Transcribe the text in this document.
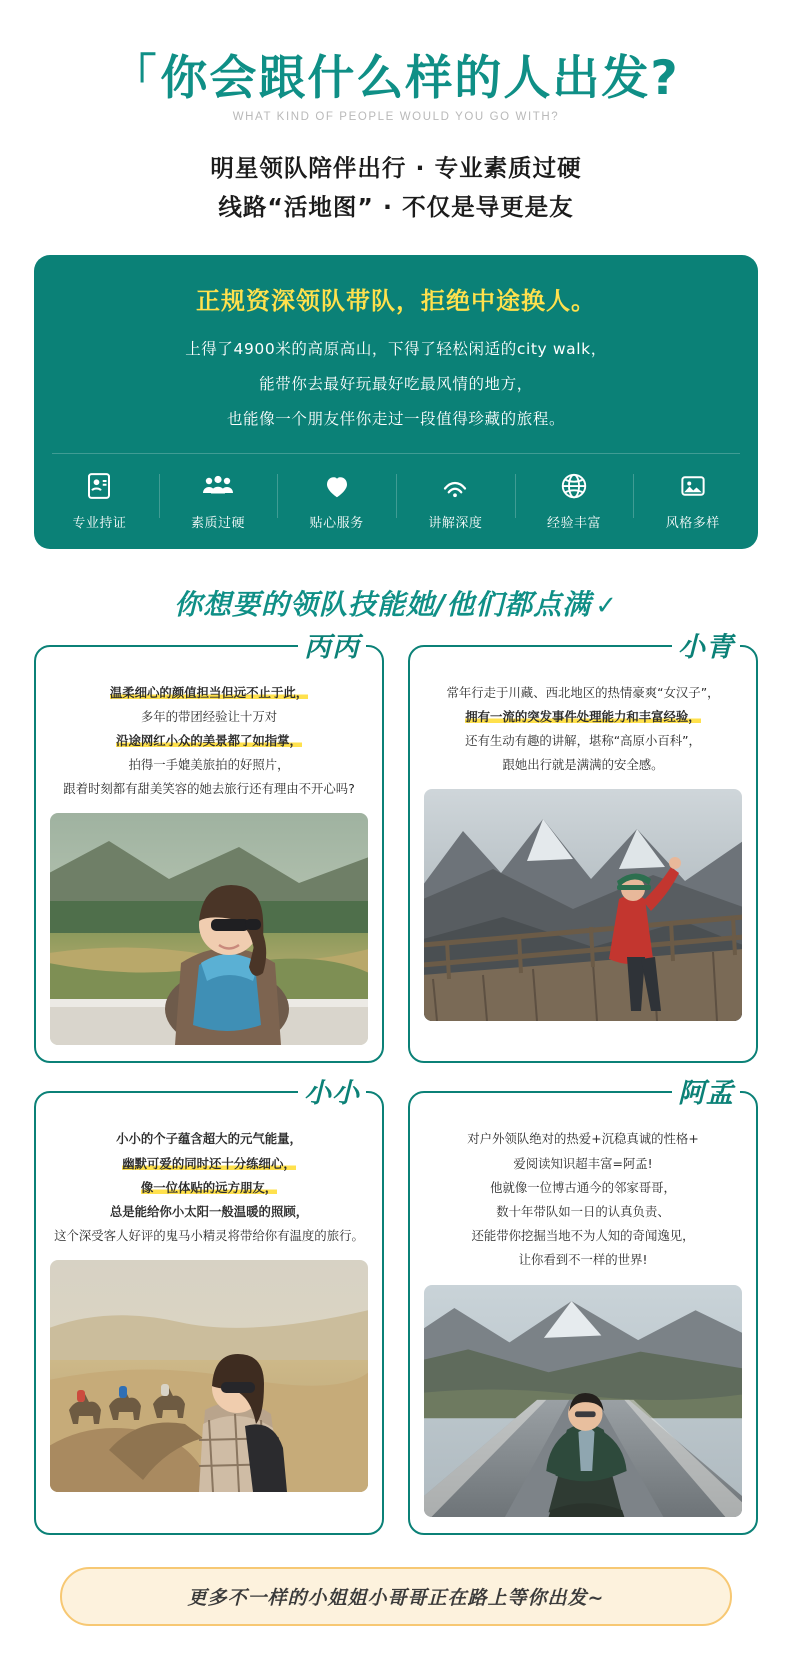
「你会跟什么样的人出发?
WHAT KIND OF PEOPLE WOULD YOU GO WITH?
明星领队陪伴出行 · 专业素质过硬
线路“活地图” · 不仅是导更是友
正规资深领队带队，拒绝中途换人。
上得了4900米的高原高山，下得了轻松闲适的city walk，
能带你去最好玩最好吃最风情的地方，
也能像一个朋友伴你走过一段值得珍藏的旅程。
专业持证	素质过硬	贴心服务	讲解深度	经验丰富	风格多样
你想要的领队技能她/他们都点满 ✓
丙丙
温柔细心的颜值担当但远不止于此，
多年的带团经验让十万对
沿途网红小众的美景都了如指掌，
拍得一手媲美旅拍的好照片，
跟着时刻都有甜美笑容的她去旅行还有理由不开心吗?
小青
常年行走于川藏、西北地区的热情豪爽“女汉子”，
拥有一流的突发事件处理能力和丰富经验，
还有生动有趣的讲解，堪称“高原小百科”，
跟她出行就是满满的安全感。
小小
小小的个子蕴含超大的元气能量，
幽默可爱的同时还十分练细心，
像一位体贴的远方朋友，
总是能给你小太阳一般温暖的照顾，
这个深受客人好评的鬼马小精灵将带给你有温度的旅行。
阿孟
对户外领队绝对的热爱+沉稳真诚的性格+
爱阅读知识超丰富=阿孟!
他就像一位博古通今的邻家哥哥，
数十年带队如一日的认真负责、
还能带你挖掘当地不为人知的奇闻逸见，
让你看到不一样的世界!
更多不一样的小姐姐小哥哥正在路上等你出发~
